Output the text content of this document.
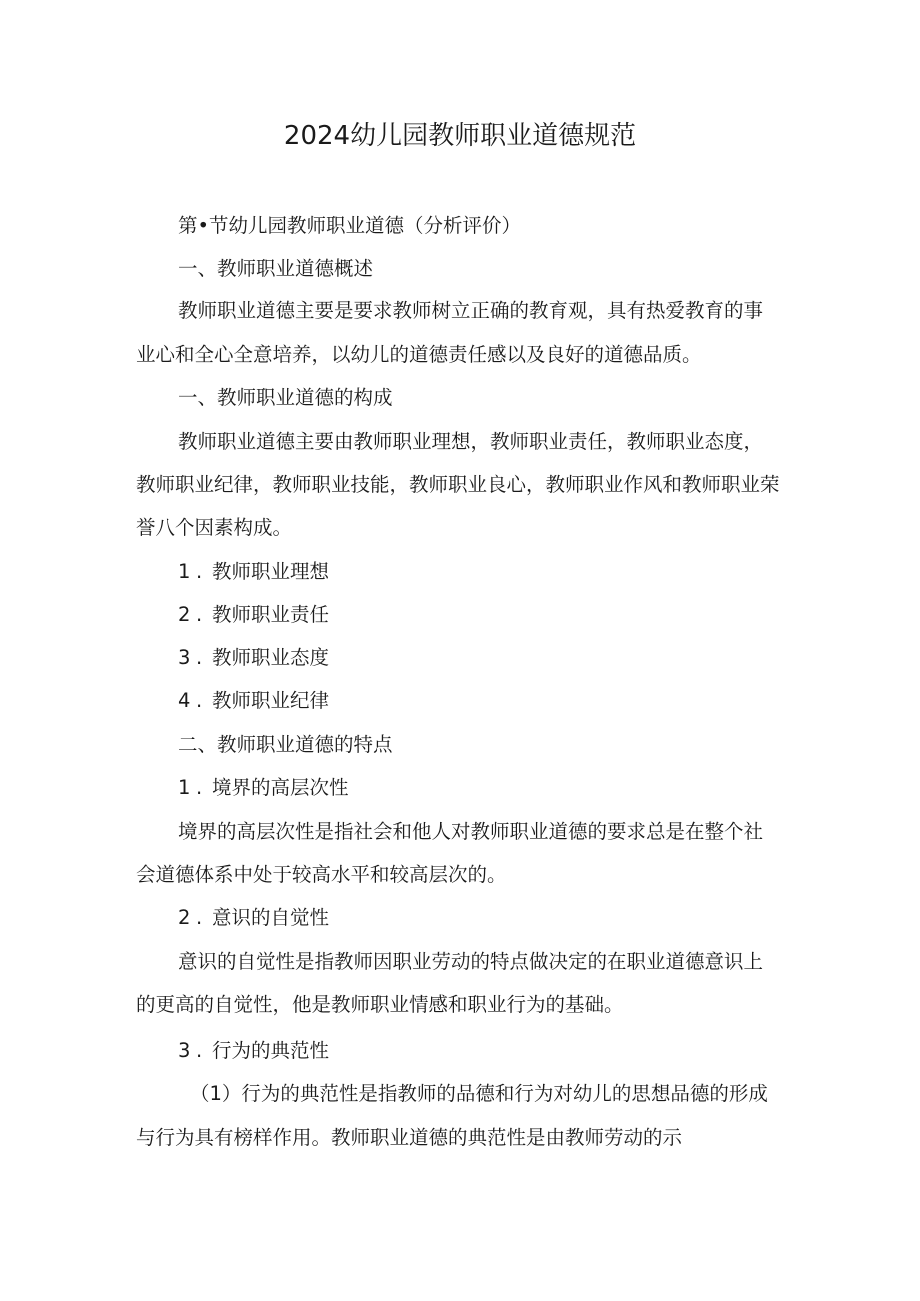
2024幼儿园教师职业道德规范

第•节幼儿园教师职业道德（分析评价）

一、教师职业道德概述

教师职业道德主要是要求教师树立正确的教育观，具有热爱教育的事

业心和全心全意培养，以幼儿的道德责任感以及良好的道德品质。

一、教师职业道德的构成

教师职业道德主要由教师职业理想，教师职业责任，教师职业态度，

教师职业纪律，教师职业技能，教师职业良心，教师职业作风和教师职业荣

誉八个因素构成。

1 . 教师职业理想
2 . 教师职业责任
3 . 教师职业态度
4 . 教师职业纪律

二、教师职业道德的特点

1 . 境界的高层次性

境界的高层次性是指社会和他人对教师职业道德的要求总是在整个社

会道德体系中处于较高水平和较高层次的。

2 . 意识的自觉性

意识的自觉性是指教师因职业劳动的特点做决定的在职业道德意识上

的更高的自觉性，他是教师职业情感和职业行为的基础。

3 . 行为的典范性

（1）行为的典范性是指教师的品德和行为对幼儿的思想品德的形成

与行为具有榜样作用。教师职业道德的典范性是由教师劳动的示
